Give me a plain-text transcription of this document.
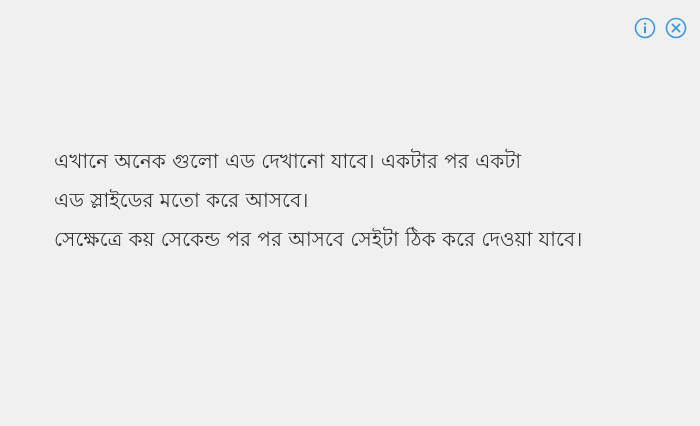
এখানে অনেক গুলো এড দেখানো যাবে। একটার পর একটা
এড স্লাইডের মতো করে আসবে।
সেক্ষেত্রে কয় সেকেন্ড পর পর আসবে সেইটা ঠিক করে দেওয়া যাবে।
